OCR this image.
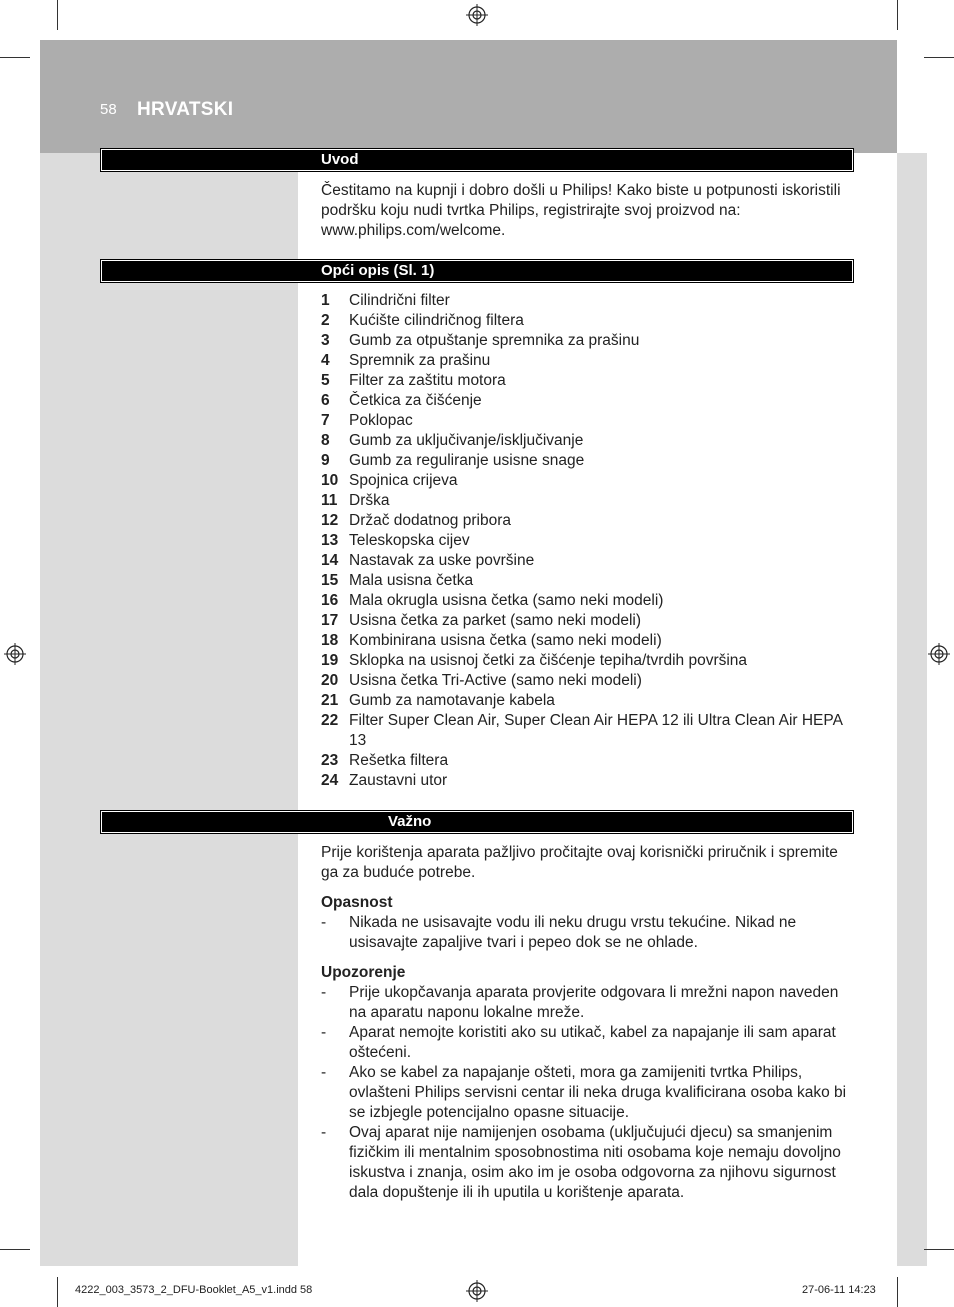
58 HRVATSKI
Uvod

Čestitamo na kupnji i dobro došli u Philips! Kako biste u potpunosti iskoristili podršku koju nudi tvrtka Philips, registrirajte svoj proizvod na: www.philips.com/welcome.

Opći opis (Sl. 1)
1	Cilindrični filter
2	Kućište cilindričnog filtera
3	Gumb za otpuštanje spremnika za prašinu
4	Spremnik za prašinu
5	Filter za zaštitu motora
6	Četkica za čišćenje
7	Poklopac
8	Gumb za uključivanje/isključivanje
9	Gumb za reguliranje usisne snage
10 Spojnica crijeva
11 Drška
12 Držač dodatnog pribora
13 Teleskopska cijev
14 Nastavak za uske površine
15 Mala usisna četka
16 Mala okrugla usisna četka (samo neki modeli)
17 Usisna četka za parket (samo neki modeli)
18 Kombinirana usisna četka (samo neki modeli)
19 Sklopka na usisnoj četki za čišćenje tepiha/tvrdih površina
20 Usisna četka Tri-Active (samo neki modeli)
21 Gumb za namotavanje kabela
22 Filter Super Clean Air, Super Clean Air HEPA 12 ili Ultra Clean Air HEPA 13
23 Rešetka filtera
24 Zaustavni utor
Važno

Prije korištenja aparata pažljivo pročitajte ovaj korisnički priručnik i spremite ga za buduće potrebe.

Opasnost

-	Nikada ne usisavajte vodu ili neku drugu vrstu tekućine. Nikad ne usisavajte zapaljive tvari i pepeo dok se ne ohlade.

Upozorenje

-	Prije ukopčavanja aparata provjerite odgovara li mrežni napon naveden na aparatu naponu lokalne mreže.
-	Aparat nemojte koristiti ako su utikač, kabel za napajanje ili sam aparat oštećeni.
-	Ako se kabel za napajanje ošteti, mora ga zamijeniti tvrtka Philips, ovlašteni Philips servisni centar ili neka druga kvalificirana osoba kako bi se izbjegle potencijalno opasne situacije.
-	Ovaj aparat nije namijenjen osobama (uključujući djecu) sa smanjenim fizičkim ili mentalnim sposobnostima niti osobama koje nemaju dovoljno iskustva i znanja, osim ako im je osoba odgovorna za njihovu sigurnost dala dopuštenje ili ih uputila u korištenje aparata.
4222_003_3573_2_DFU-Booklet_A5_v1.indd 58	27-06-11 14:23
